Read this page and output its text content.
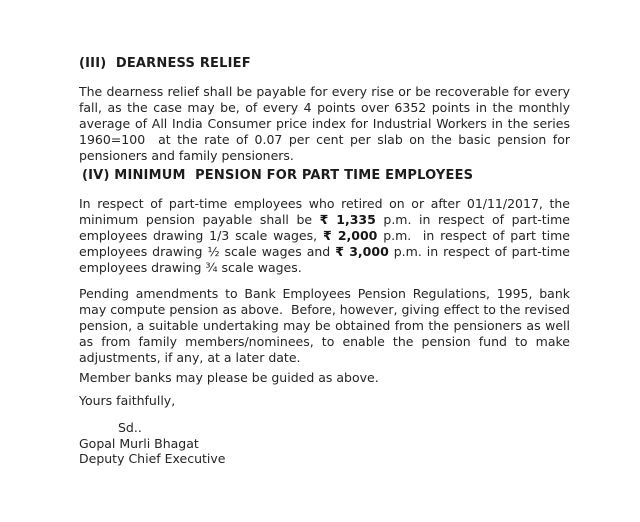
(III)  DEARNESS RELIEF

The dearness relief shall be payable for every rise or be recoverable for every fall, as the case may be, of every 4 points over 6352 points in the monthly average of All India Consumer price index for Industrial Workers in the series 1960=100  at the rate of 0.07 per cent per slab on the basic pension for pensioners and family pensioners.

(IV) MINIMUM  PENSION FOR PART TIME EMPLOYEES

In respect of part-time employees who retired on or after 01/11/2017, the minimum pension payable shall be ₹ 1,335 p.m. in respect of part-time employees drawing 1/3 scale wages, ₹ 2,000 p.m.  in respect of part time employees drawing ½ scale wages and ₹ 3,000 p.m. in respect of part-time employees drawing ¾ scale wages.

Pending amendments to Bank Employees Pension Regulations, 1995, bank may compute pension as above.  Before, however, giving effect to the revised pension, a suitable undertaking may be obtained from the pensioners as well as from family members/nominees, to enable the pension fund to make adjustments, if any, at a later date.

Member banks may please be guided as above.

Yours faithfully,

Sd..
Gopal Murli Bhagat
Deputy Chief Executive
